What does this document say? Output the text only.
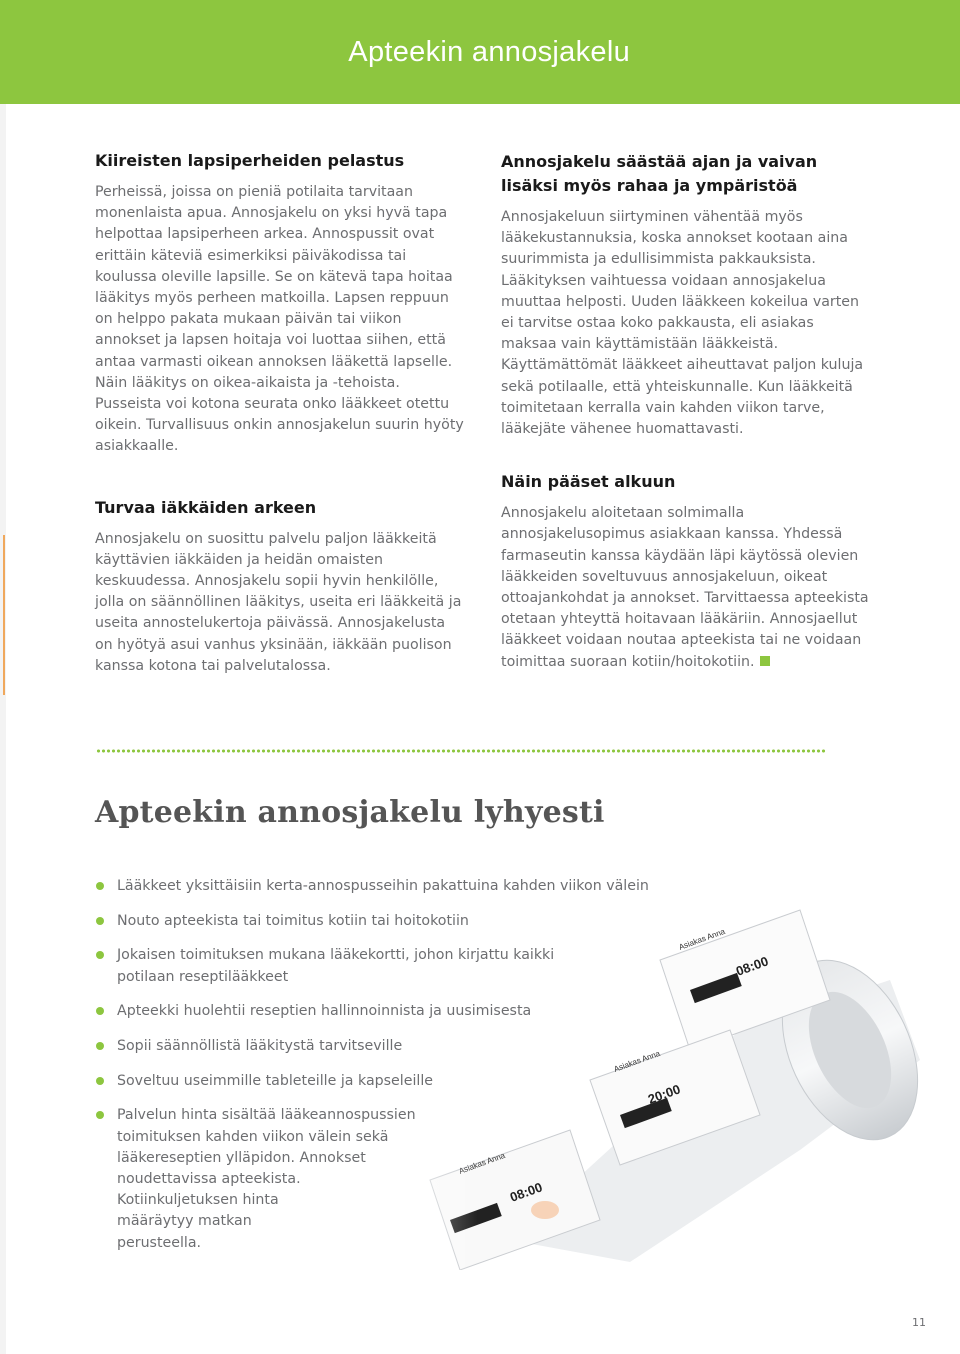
Apteekin annosjakelu
Kiireisten lapsiperheiden pelastus

Perheissä, joissa on pieniä potilaita tarvitaan monenlaista apua. Annosjakelu on yksi hyvä tapa helpottaa lapsiperheen arkea. Annospussit ovat erittäin käteviä esimerkiksi päiväkodissa tai koulussa oleville lapsille. Se on kätevä tapa hoitaa lääkitys myös perheen matkoilla. Lapsen reppuun on helppo pakata mukaan päivän tai viikon annokset ja lapsen hoitaja voi luottaa siihen, että antaa varmasti oikean annoksen lääkettä lapselle. Näin lääkitys on oikea-aikaista ja -tehoista. Pusseista voi kotona seurata onko lääkkeet otettu oikein. Turvallisuus onkin annosjakelun suurin hyöty asiakkaalle.

Turvaa iäkkäiden arkeen

Annosjakelu on suosittu palvelu paljon lääkkeitä käyttävien iäkkäiden ja heidän omaisten keskuudessa. Annosjakelu sopii hyvin henkilölle, jolla on säännöllinen lääkitys, useita eri lääkkeitä ja useita annostelukertoja päivässä. Annosjakelusta on hyötyä asui vanhus yksinään, iäkkään puolison kanssa kotona tai palvelutalossa.

Annosjakelu säästää ajan ja vaivan lisäksi myös rahaa ja ympäristöä

Annosjakeluun siirtyminen vähentää myös lääkekustannuksia, koska annokset kootaan aina suurimmista ja edullisimmista pakkauksista. Lääkityksen vaihtuessa voidaan annosjakelua muuttaa helposti. Uuden lääkkeen kokeilua varten ei tarvitse ostaa koko pakkausta, eli asiakas maksaa vain käyttämistään lääkkeistä. Käyttämättömät lääkkeet aiheuttavat paljon kuluja sekä potilaalle, että yhteiskunnalle. Kun lääkkeitä toimitetaan kerralla vain kahden viikon tarve, lääkejäte vähenee huomattavasti.

Näin pääset alkuun

Annosjakelu aloitetaan solmimalla annosjakelusopimus asiakkaan kanssa. Yhdessä farmaseutin kanssa käydään läpi käytössä olevien lääkkeiden soveltuvuus annosjakeluun, oikeat ottoajankohdat ja annokset. Tarvittaessa apteekista otetaan yhteyttä hoitavaan lääkäriin. Annosjaellut lääkkeet voidaan noutaa apteekista tai ne voidaan toimittaa suoraan kotiin/hoitokotiin.

Apteekin annosjakelu lyhyesti
Lääkkeet yksittäisiin kerta-annospusseihin pakattuina kahden viikon välein
Nouto apteekista tai toimitus kotiin tai hoitokotiin
Jokaisen toimituksen mukana lääkekortti, johon kirjattu kaikki potilaan reseptilääkkeet
Apteekki huolehtii reseptien hallinnoinnista ja uusimisesta
Sopii säännöllistä lääkitystä tarvitseville
Soveltuu useimmille tableteille ja kapseleille
Palvelun hinta sisältää lääkeannospussien toimituksen kahden viikon välein sekä lääkereseptien ylläpidon. Annokset noudettavissa apteekista.
Kotiinkuljetuksen hinta määräytyy matkan perusteella.
11
